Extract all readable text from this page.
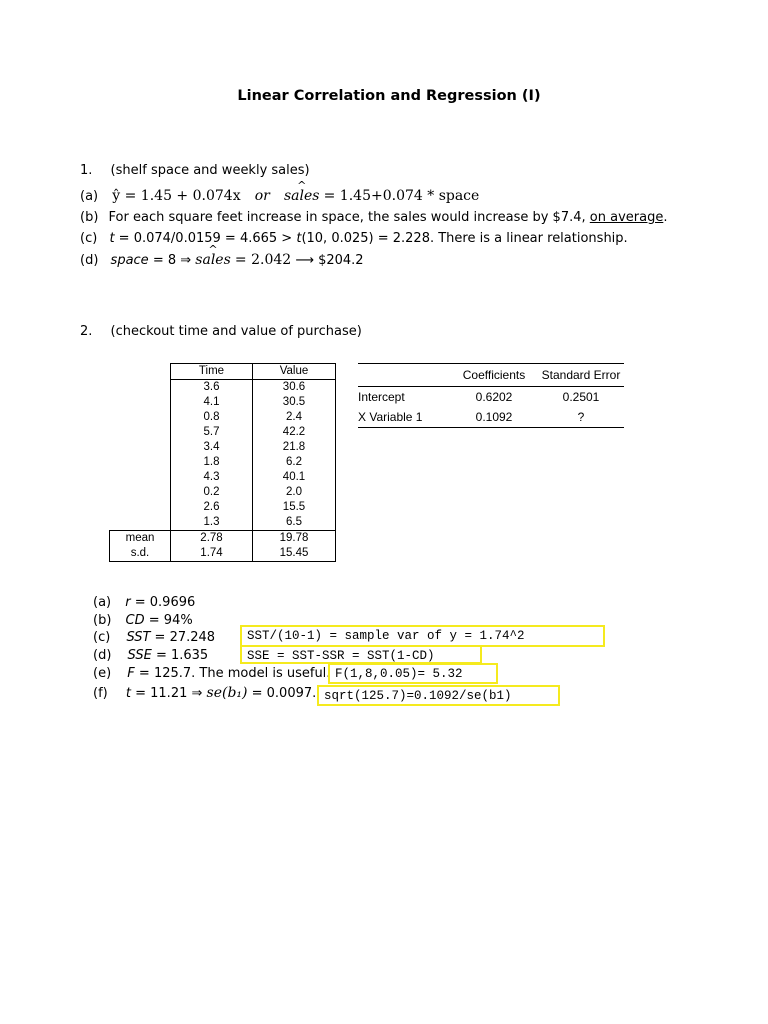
Linear Correlation and Regression (I)
1. (shelf space and weekly sales)
(a) ŷ = 1.45 + 0.074x or ^ sales = 1.45+0.074 * space
(b) For each square feet increase in space, the sales would increase by $7.4, on average.
(c) t = 0.074/0.0159 = 4.665 > t(10, 0.025) = 2.228. There is a linear relationship.
(d) space = 8 ⇒ ^ sales = 2.042 ⟶ $204.2
2. (checkout time and value of purchase)
	Time	Value
	3.6	30.6
	4.1	30.5
	0.8	2.4
	5.7	42.2
	3.4	21.8
	1.8	6.2
	4.3	40.1
	0.2	2.0
	2.6	15.5
	1.3	6.5
mean	2.78	19.78
s.d.	1.74	15.45
	Coefficients	Standard Error
Intercept	0.6202	0.2501
X Variable 1	0.1092	?
(a) r = 0.9696
(b) CD = 94%
(c) SST = 27.248
(d) SSE = 1.635
(e) F = 125.7. The model is useful.
(f) t = 11.21 ⇒ se(b₁) = 0.0097.
SST/(10-1) = sample var of y = 1.74^2
SSE = SST-SSR = SST(1-CD)
F(1,8,0.05)= 5.32
sqrt(125.7)=0.1092/se(b1)
